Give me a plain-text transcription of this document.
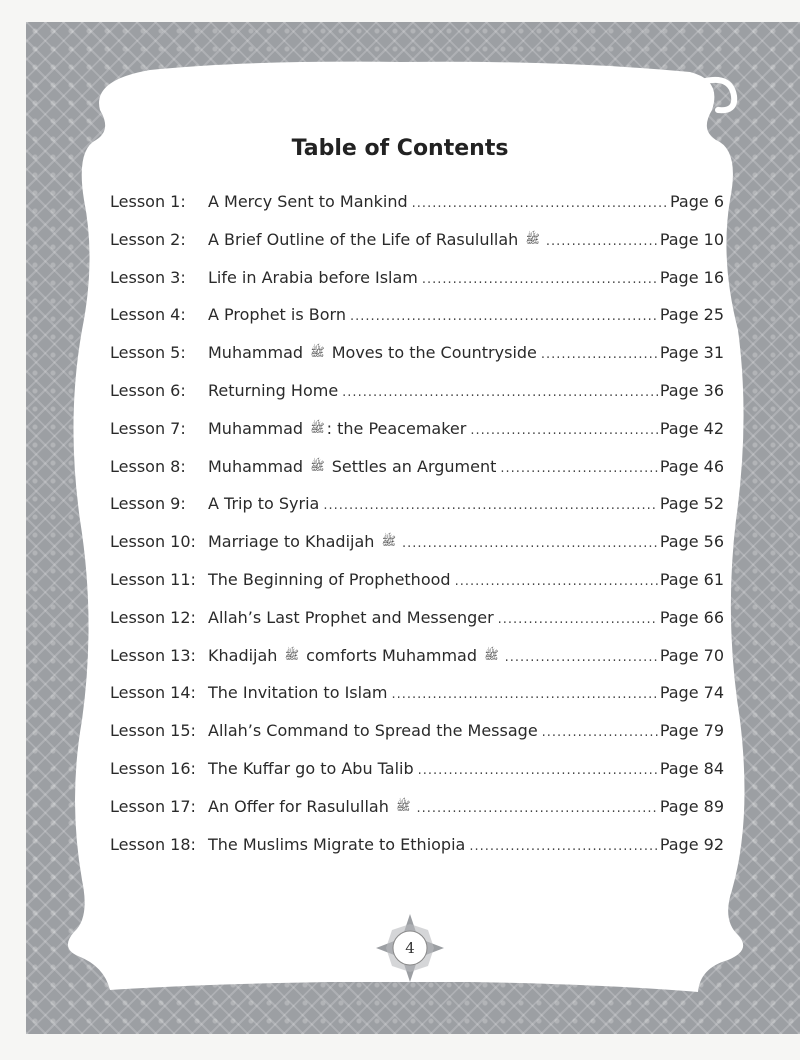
Table of Contents
Lesson 1:	A Mercy Sent to Mankind .....	Page 6
Lesson 2:	A Brief Outline of the Life of Rasulullah ﷺ .....	Page 10
Lesson 3:	Life in Arabia before Islam .....	Page 16
Lesson 4:	A Prophet is Born .....	Page 25
Lesson 5:	Muhammad ﷺ Moves to the Countryside .....	Page 31
Lesson 6:	Returning Home .....	Page 36
Lesson 7:	Muhammad ﷺ : the Peacemaker .....	Page 42
Lesson 8:	Muhammad ﷺ Settles an Argument .....	Page 46
Lesson 9:	A Trip to Syria .....	Page 52
Lesson 10: Marriage to Khadijah ﷺ .....	Page 56
Lesson 11: The Beginning of Prophethood .....	Page 61
Lesson 12: Allah’s Last Prophet and Messenger .....	Page 66
Lesson 13: Khadijah ﷺ comforts Muhammad ﷺ .....	Page 70
Lesson 14: The Invitation to Islam .....	Page 74
Lesson 15: Allah’s Command to Spread the Message .....	Page 79
Lesson 16: The Kuffar go to Abu Talib .....	Page 84
Lesson 17: An Offer for Rasulullah ﷺ .....	Page 89
Lesson 18: The Muslims Migrate to Ethiopia .....	Page 92
4
